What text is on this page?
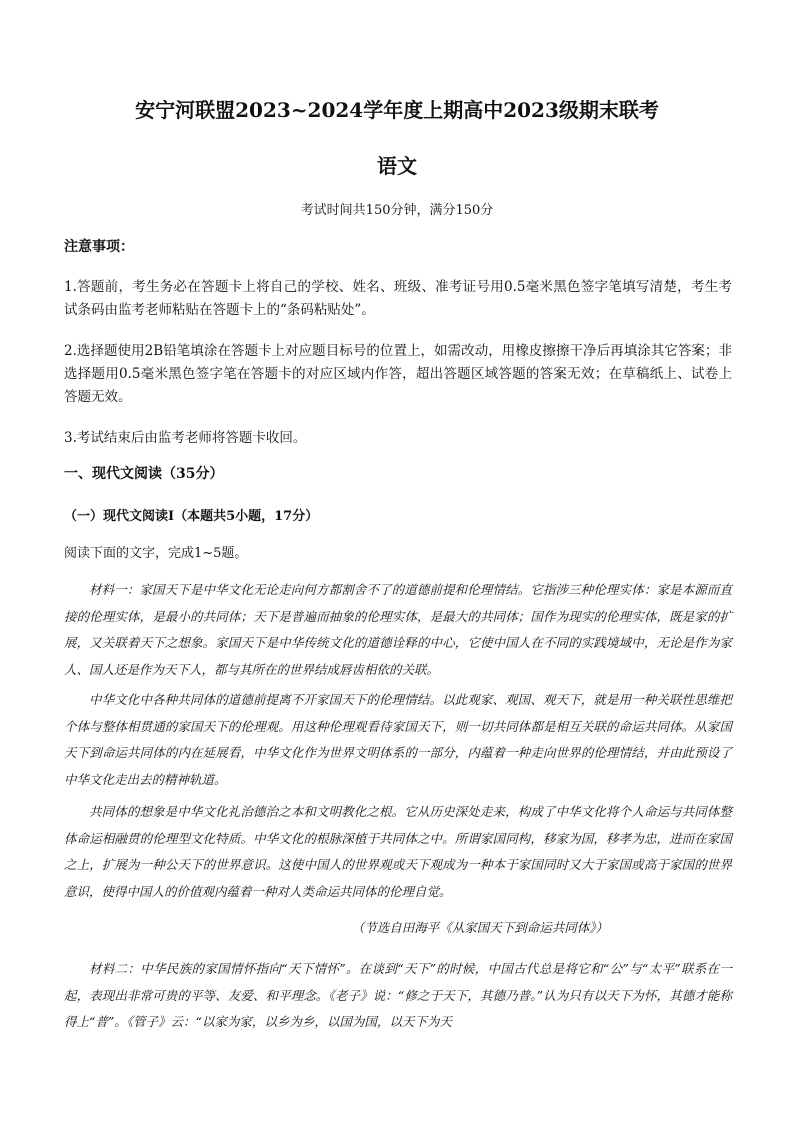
安宁河联盟2023~2024学年度上期高中2023级期末联考
语文
考试时间共150分钟，满分150分
注意事项：
1.答题前，考生务必在答题卡上将自己的学校、姓名、班级、准考证号用0.5毫米黑色签字笔填写清楚，考生考试条码由监考老师粘贴在答题卡上的“条码粘贴处”。
2.选择题使用2B铅笔填涂在答题卡上对应题目标号的位置上，如需改动，用橡皮擦擦干净后再填涂其它答案；非选择题用0.5毫米黑色签字笔在答题卡的对应区域内作答，超出答题区域答题的答案无效；在草稿纸上、试卷上答题无效。
3.考试结束后由监考老师将答题卡收回。
一、现代文阅读（35分）
（一）现代文阅读Ⅰ（本题共5小题，17分）
阅读下面的文字，完成1~5题。
材料一：家国天下是中华文化无论走向何方都割舍不了的道德前提和伦理情结。它指涉三种伦理实体：家是本源而直接的伦理实体，是最小的共同体；天下是普遍而抽象的伦理实体，是最大的共同体；国作为现实的伦理实体，既是家的扩展，又关联着天下之想象。家国天下是中华传统文化的道德诠释的中心，它使中国人在不同的实践境域中，无论是作为家人、国人还是作为天下人，都与其所在的世界结成唇齿相依的关联。
中华文化中各种共同体的道德前提离不开家国天下的伦理情结。以此观家、观国、观天下，就是用一种关联性思维把个体与整体相贯通的家国天下的伦理观。用这种伦理观看待家国天下，则一切共同体都是相互关联的命运共同体。从家国天下到命运共同体的内在延展看，中华文化作为世界文明体系的一部分，内蕴着一种走向世界的伦理情结，并由此预设了中华文化走出去的精神轨道。
共同体的想象是中华文化礼治德治之本和文明教化之根。它从历史深处走来，构成了中华文化将个人命运与共同体整体命运相融贯的伦理型文化特质。中华文化的根脉深植于共同体之中。所谓家国同构，移家为国，移孝为忠，进而在家国之上，扩展为一种公天下的世界意识。这使中国人的世界观或天下观成为一种本于家国同时又大于家国或高于家国的世界意识，使得中国人的价值观内蕴着一种对人类命运共同体的伦理自觉。
（节选自田海平《从家国天下到命运共同体》）
材料二：中华民族的家国情怀指向“天下情怀”。在谈到“天下”的时候，中国古代总是将它和“公”与“太平”联系在一起，表现出非常可贵的平等、友爱、和平理念。《老子》说：“修之于天下，其德乃普。”认为只有以天下为怀，其德才能称得上“普”。《管子》云：“以家为家，以乡为乡，以国为国，以天下为天
